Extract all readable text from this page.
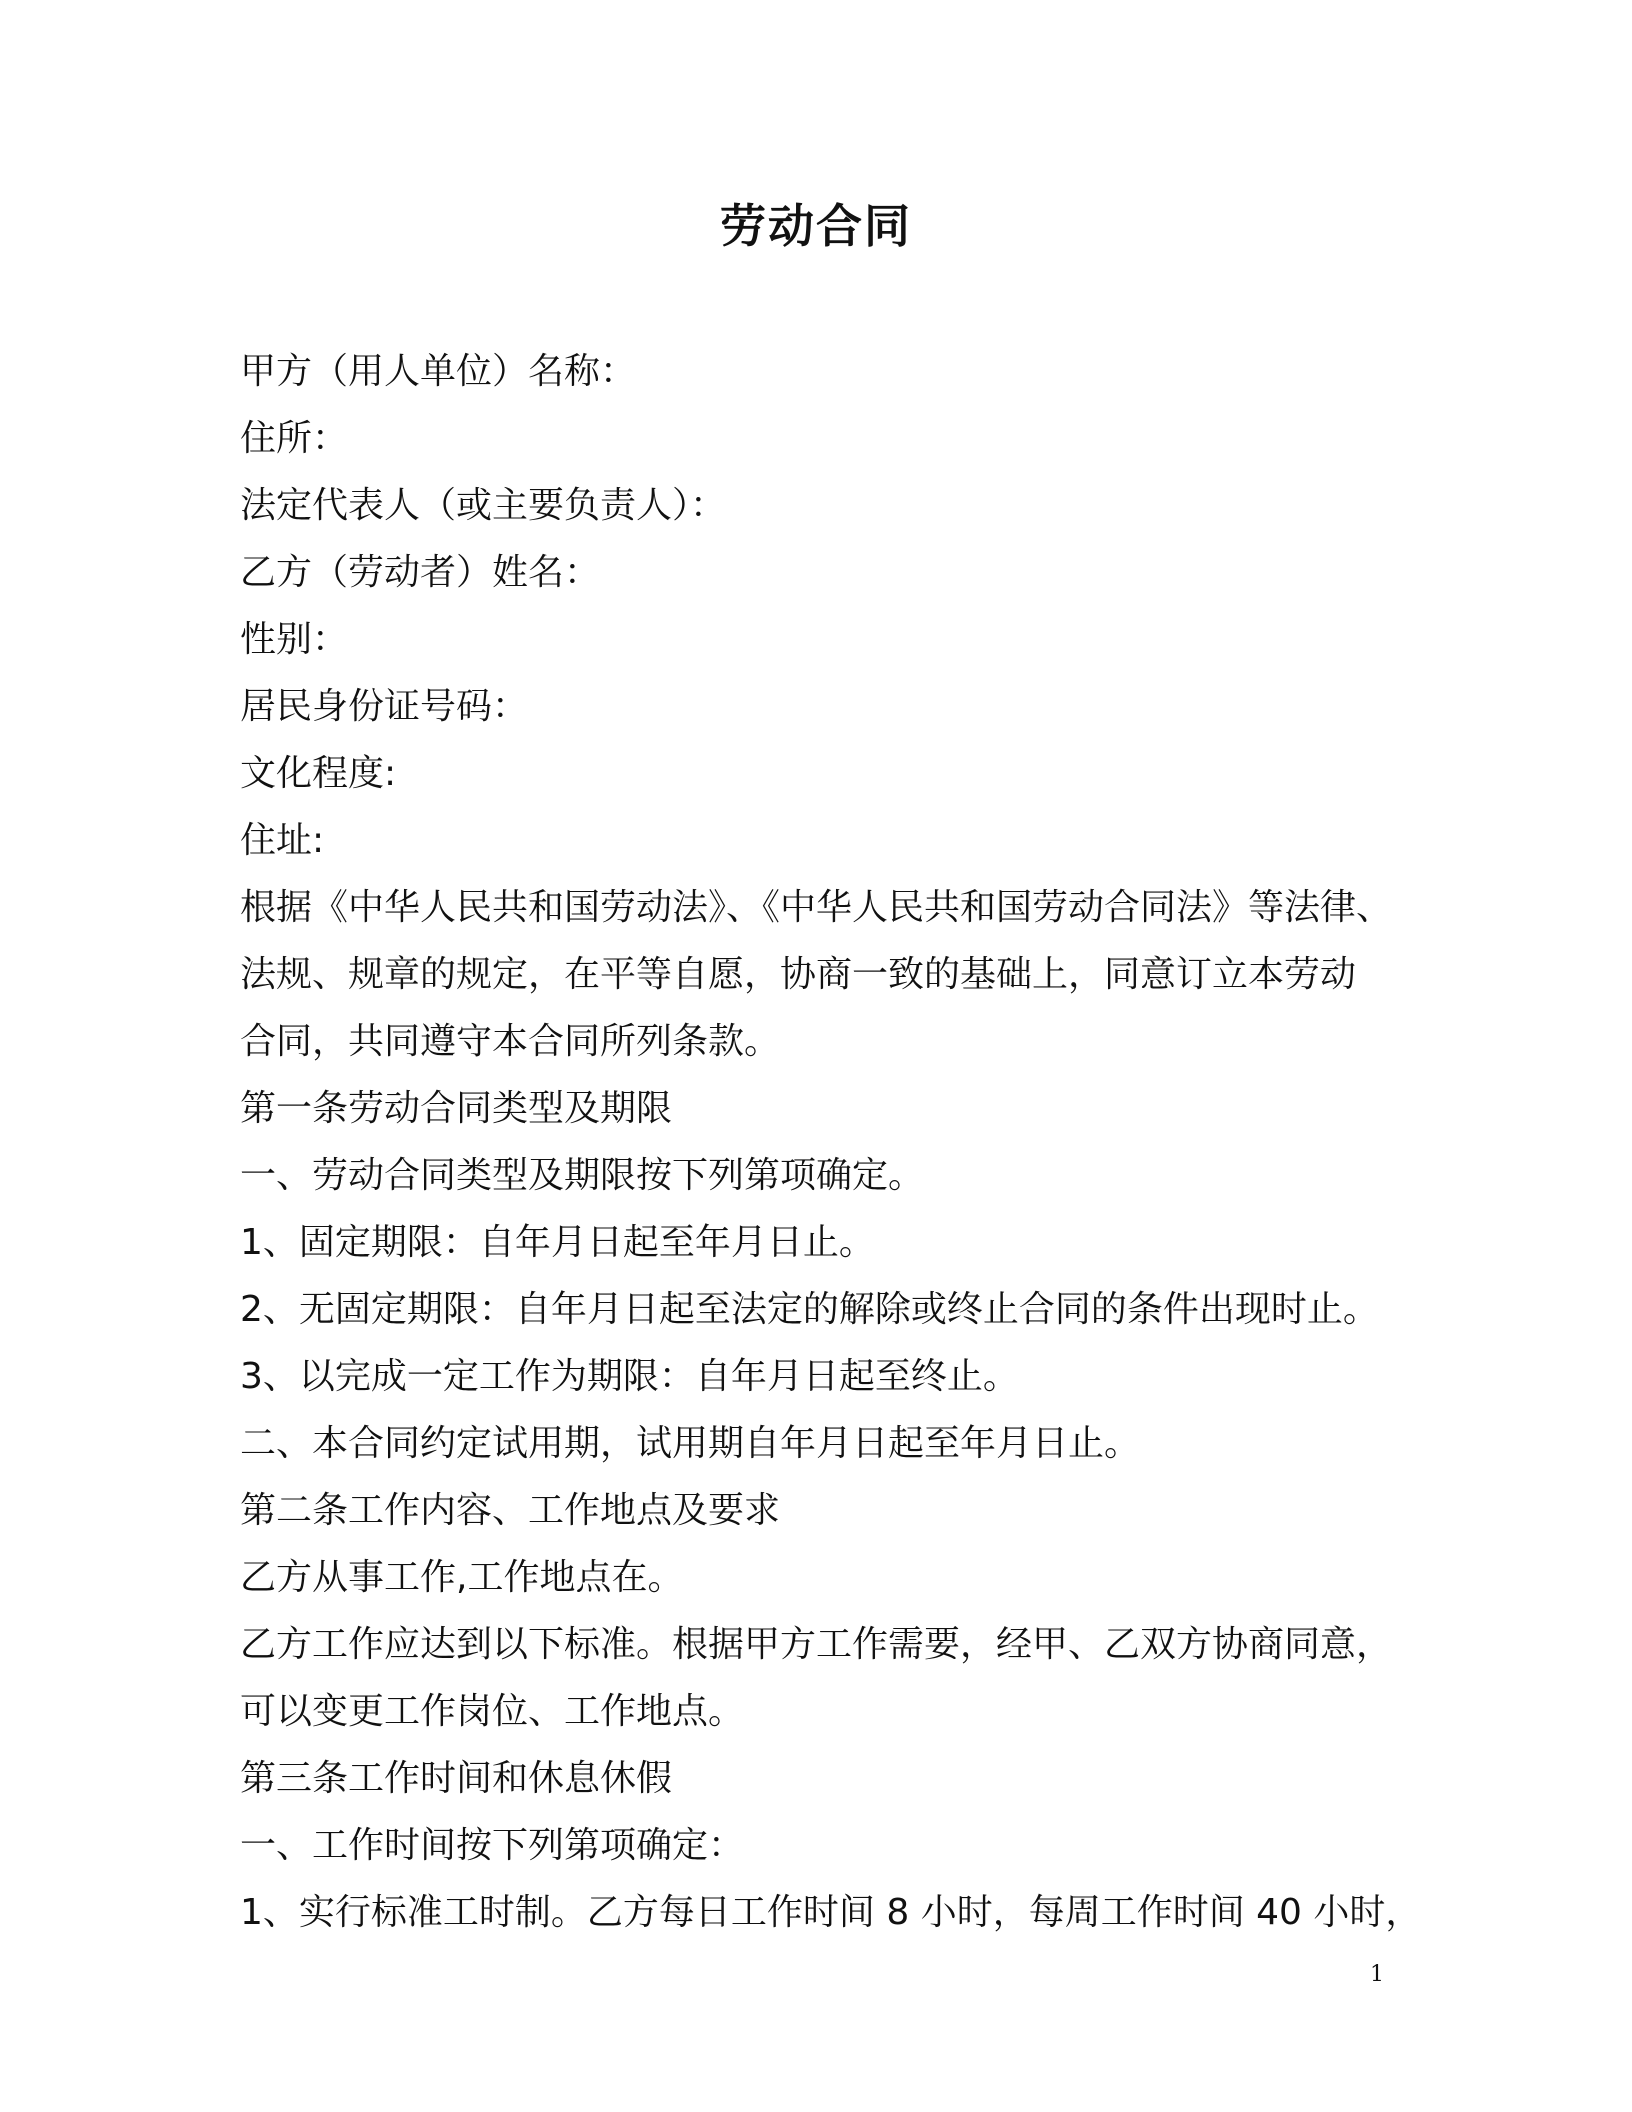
劳动合同
甲方（用人单位）名称：
住所：
法定代表人（或主要负责人）：
乙方（劳动者）姓名：
性别：
居民身份证号码：
文化程度:
住址:
根据《中华人民共和国劳动法》、《中华人民共和国劳动合同法》等法律、
法规、规章的规定，在平等自愿，协商一致的基础上，同意订立本劳动
合同，共同遵守本合同所列条款。
第一条劳动合同类型及期限
一、劳动合同类型及期限按下列第项确定。
1、固定期限：自年月日起至年月日止。
2、无固定期限：自年月日起至法定的解除或终止合同的条件出现时止。
3、以完成一定工作为期限：自年月日起至终止。
二、本合同约定试用期，试用期自年月日起至年月日止。
第二条工作内容、工作地点及要求
乙方从事工作,工作地点在。
乙方工作应达到以下标准。根据甲方工作需要，经甲、乙双方协商同意，
可以变更工作岗位、工作地点。
第三条工作时间和休息休假
一、工作时间按下列第项确定：
1、实行标准工时制。乙方每日工作时间 8 小时，每周工作时间 40 小时，
1
